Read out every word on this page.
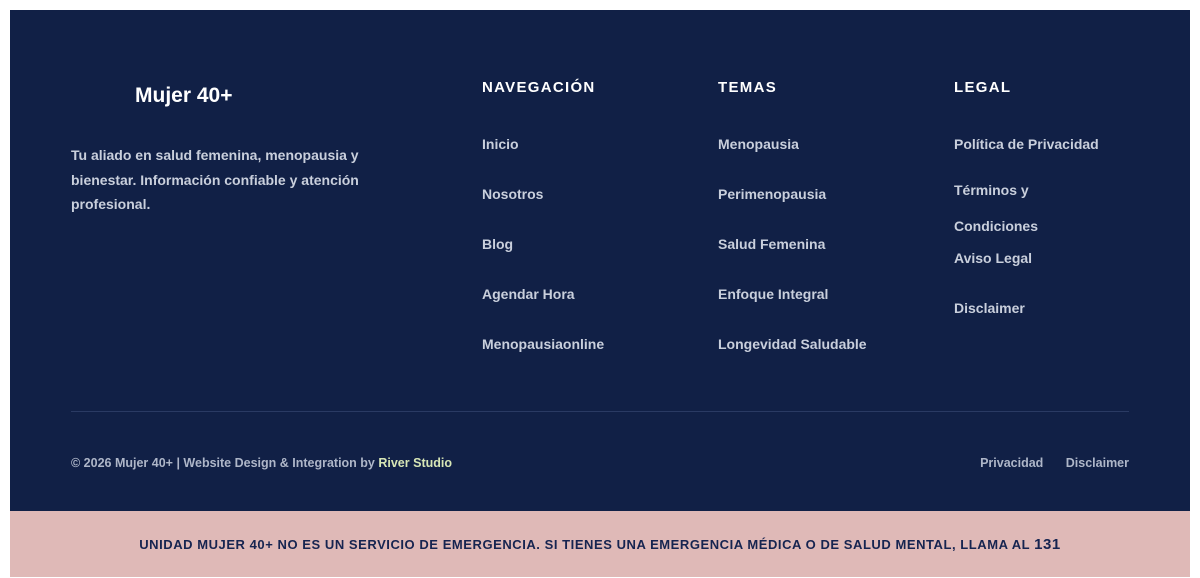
Mujer 40+

Tu aliado en salud femenina, menopausia y bienestar. Información confiable y atención profesional.

NAVEGACIÓN
Inicio
Nosotros
Blog
Agendar Hora
Menopausiaonline
TEMAS
Menopausia
Perimenopausia
Salud Femenina
Enfoque Integral
Longevidad Saludable
LEGAL
Política de Privacidad
Términos y Condiciones
Aviso Legal
Disclaimer
© 2026 Mujer 40+ | Website Design & Integration by River Studio	Privacidad Disclaimer

UNIDAD MUJER 40+ NO ES UN SERVICIO DE EMERGENCIA. SI TIENES UNA EMERGENCIA MÉDICA O DE SALUD MENTAL, LLAMA AL 131
